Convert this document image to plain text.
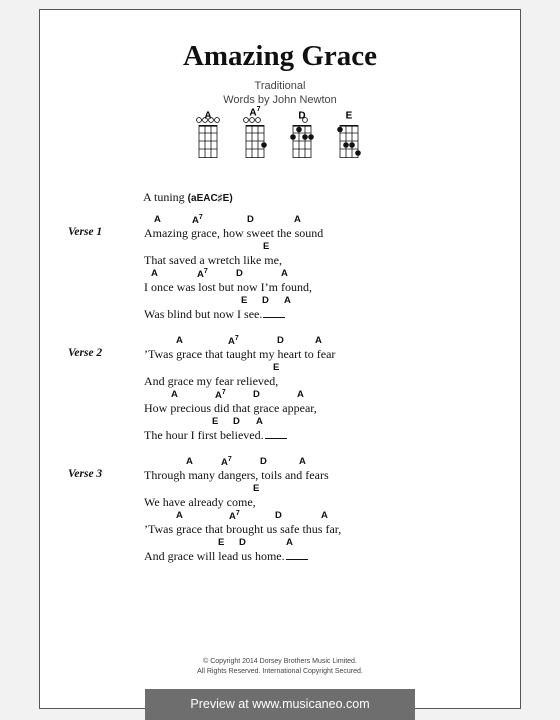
Amazing Grace
Traditional
Words by John Newton
A	$A^7$
D	E
A tuning (aEAC♯E)
Verse 1
A	$A^7$	D	A
Amazing grace, how sweet the sound
E
That saved a wretch like me,
A	$A^7$	D	A
I once was lost but now I’m found,
E D A
Was blind but now I see.
Verse 2
A	$A^7$	D	A
’Twas grace that taught my heart to fear
E
And grace my fear relieved,
A	$A^7$	D	A
How precious did that grace appear,
E D A
The hour I first believed.
Verse 3
A	$A^7$	D	A
Through many dangers, toils and fears
E
We have already come,
A	$A^7$	D	A
’Twas grace that brought us safe thus far,
E D	A
And grace will lead us home.
© Copyright 2014 Dorsey Brothers Music Limited.
All Rights Reserved. International Copyright Secured.
Preview at www.musicaneo.com
